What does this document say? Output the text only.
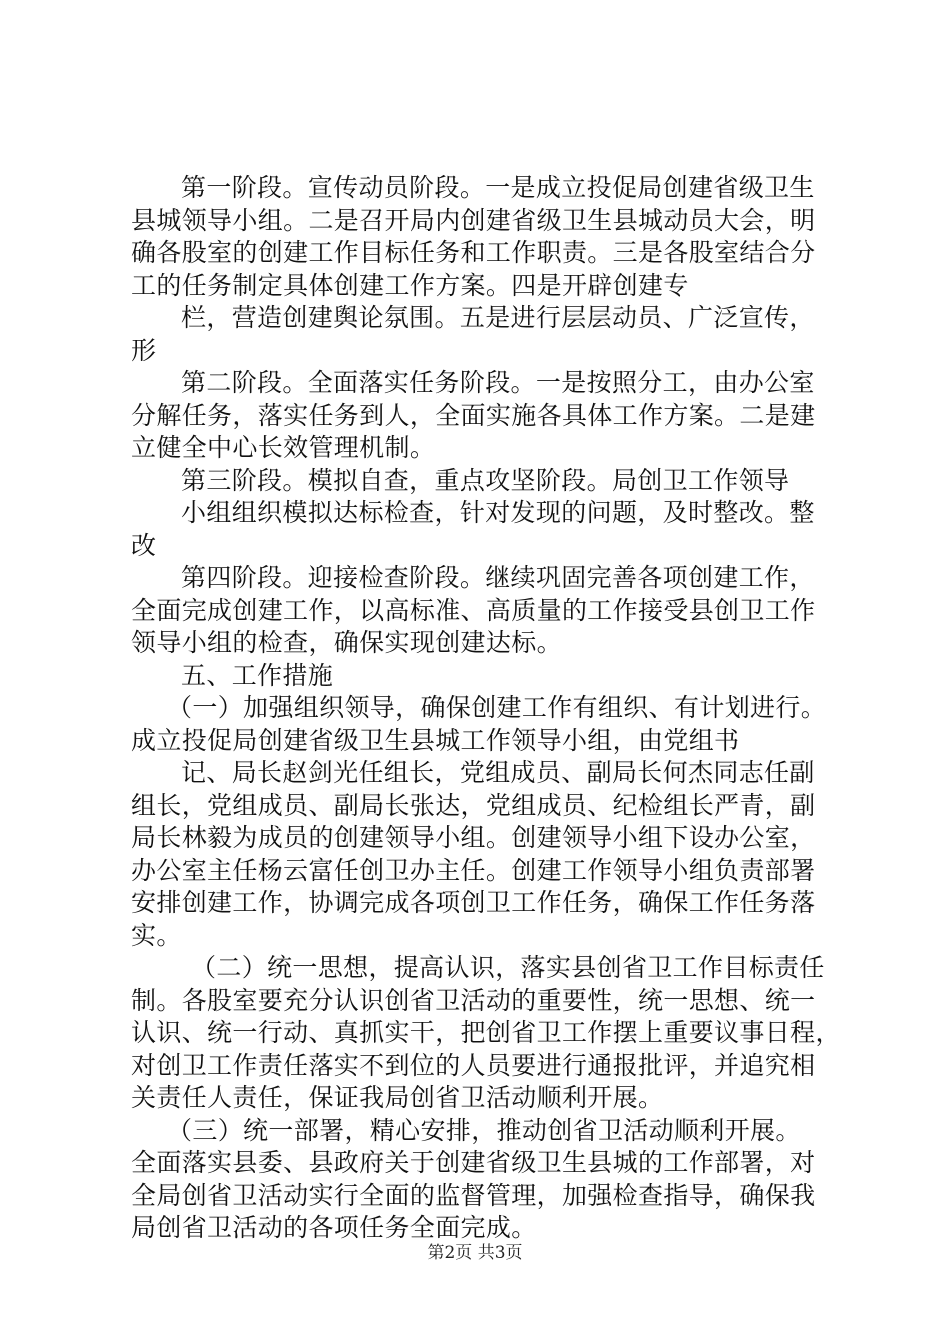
第一阶段。宣传动员阶段。一是成立投促局创建省级卫生
县城领导小组。二是召开局内创建省级卫生县城动员大会，明
确各股室的创建工作目标任务和工作职责。三是各股室结合分
工的任务制定具体创建工作方案。四是开辟创建专
栏，营造创建舆论氛围。五是进行层层动员、广泛宣传，
形
第二阶段。全面落实任务阶段。一是按照分工，由办公室
分解任务，落实任务到人，全面实施各具体工作方案。二是建
立健全中心长效管理机制。
第三阶段。模拟自查，重点攻坚阶段。局创卫工作领导
小组组织模拟达标检查，针对发现的问题，及时整改。整
改
第四阶段。迎接检查阶段。继续巩固完善各项创建工作，
全面完成创建工作，以高标准、高质量的工作接受县创卫工作
领导小组的检查，确保实现创建达标。
五、工作措施
（一）加强组织领导，确保创建工作有组织、有计划进行。
成立投促局创建省级卫生县城工作领导小组，由党组书
记、局长赵剑光任组长，党组成员、副局长何杰同志任副
组长，党组成员、副局长张达，党组成员、纪检组长严青，副
局长林毅为成员的创建领导小组。创建领导小组下设办公室，
办公室主任杨云富任创卫办主任。创建工作领导小组负责部署
安排创建工作，协调完成各项创卫工作任务，确保工作任务落
实。
（二）统一思想，提高认识，落实县创省卫工作目标责任
制。各股室要充分认识创省卫活动的重要性，统一思想、统一
认识、统一行动、真抓实干，把创省卫工作摆上重要议事日程，
对创卫工作责任落实不到位的人员要进行通报批评，并追究相
关责任人责任，保证我局创省卫活动顺利开展。
（三）统一部署，精心安排，推动创省卫活动顺利开展。
全面落实县委、县政府关于创建省级卫生县城的工作部署，对
全局创省卫活动实行全面的监督管理，加强检查指导，确保我
局创省卫活动的各项任务全面完成。
第2页 共3页
